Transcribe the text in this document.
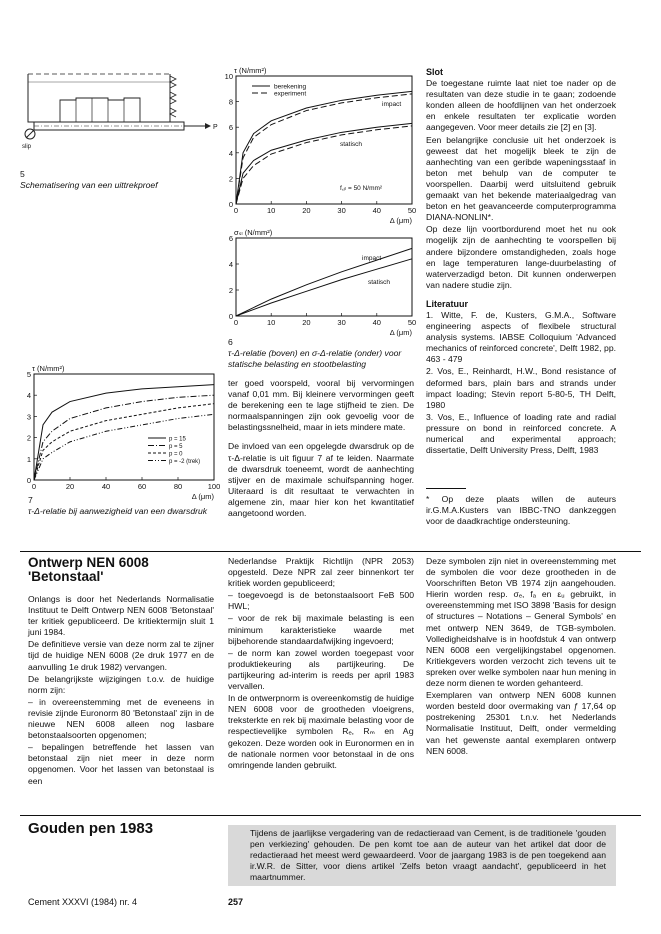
P
slip
5
Schematisering van een uittrekproef
0	10	20	30	40	50
0
2
4
6
8
10
Δ (μm)
τ (N/mm²)
berekening
experiment
impact
statisch
f꜀ᵢₗ = 50 N/mm²
0	10	20	30	40	50
0
2
4
6
Δ (μm)
σₛₗ (N/mm²)
impact
statisch
6
τ-Δ-relatie (boven) en σ-Δ-relatie (onder) voor statische belasting en stootbelasting
0	20	40	60	80	100
0
1
2
3
4
5
Δ (μm)
τ (N/mm²)
p = 15
p = 5
p = 0
p = -2 (trek)
7
τ-Δ-relatie bij aanwezigheid van een dwarsdruk

ter goed voorspeld, vooral bij vervormingen vanaf 0,01 mm. Bij kleinere vervormingen geeft de berekening een te lage stijfheid te zien. De normaalspanningen zijn ook gevoelig voor de belastingssnelheid, maar in iets mindere mate.

De invloed van een opgelegde dwarsdruk op de τ-Δ-relatie is uit figuur 7 af te leiden. Naarmate de dwarsdruk toeneemt, wordt de aanhechting stijver en de maximale schuifspanning hoger. Uiteraard is dit resultaat te verwachten in algemene zin, maar hier kon het kwantitatief aangetoond worden.

Slot

De toegestane ruimte laat niet toe nader op de resultaten van deze studie in te gaan; zodoende konden alleen de hoofdlijnen van het onderzoek en enkele resultaten ter explicatie worden aangegeven. Voor meer details zie [2] en [3].

Een belangrijke conclusie uit het onderzoek is geweest dat het mogelijk bleek te zijn de aanhechting van een geribde wapeningsstaaf in beton met behulp van de computer te voorspellen. Daarbij werd uitsluitend gebruik gemaakt van het bekende materiaalgedrag van beton en het geavanceerde computerprogramma DIANA-NONLIN*.

Op deze lijn voortbordurend moet het nu ook mogelijk zijn de aanhechting te voorspellen bij andere bijzondere omstandigheden, zoals hoge en lage temperaturen lange-duurbelasting of waterverzadigd beton. Dit kunnen onderwerpen van nadere studie zijn.

Literatuur

1. Witte, F. de, Kusters, G.M.A., Software engineering aspects of flexibele structural analysis systems. IABSE Colloquium 'Advanced mechanics of reinforced concrete', Delft 1982, pp. 463 - 479

2. Vos, E., Reinhardt, H.W., Bond resistance of deformed bars, plain bars and strands under impact loading; Stevin report 5-80-5, TH Delft, 1980

3. Vos, E., Influence of loading rate and radial pressure on bond in reinforced concrete. A numerical and experimental approach; dissertatie, Delft University Press, Delft, 1983

* Op deze plaats willen de auteurs ir.G.M.A.Kusters van IBBC-TNO dankzeggen voor de daadkrachtige ondersteuning.
Ontwerp NEN 6008
'Betonstaal'

Onlangs is door het Nederlands Normalisatie Instituut te Delft Ontwerp NEN 6008 'Betonstaal' ter kritiek gepubliceerd. De kritiektermijn sluit 1 juni 1984.

De definitieve versie van deze norm zal te zijner tijd de huidige NEN 6008 (2e druk 1977 en de aanvulling 1e druk 1982) vervangen.

De belangrijkste wijzigingen t.o.v. de huidige norm zijn:

– in overeenstemming met de eveneens in revisie zijnde Euronorm 80 'Betonstaal' zijn in de nieuwe NEN 6008 alleen nog lasbare betonstaalsoorten opgenomen;

– bepalingen betreffende het lassen van betonstaal zijn niet meer in deze norm opgenomen. Voor het lassen van betonstaal is een

Nederlandse Praktijk Richtlijn (NPR 2053) opgesteld. Deze NPR zal zeer binnenkort ter kritiek worden gepubliceerd;

– toegevoegd is de betonstaalsoort FeB 500 HWL;

– voor de rek bij maximale belasting is een minimum karakteristieke waarde met bijbehorende standaardafwijking ingevoerd;

– de norm kan zowel worden toegepast voor produktiekeuring als partijkeuring. De partijkeuring ad-interim is reeds per april 1983 vervallen.

In de ontwerpnorm is overeenkomstig de huidige NEN 6008 voor de grootheden vloeigrens, treksterkte en rek bij maximale belasting voor de respectievelijke symbolen Rₑ, Rₘ en A𝗀 gekozen. Deze worden ook in Euronormen en in de nationale normen voor betonstaal in de ons omringende landen gebruikt.

Deze symbolen zijn niet in overeenstemming met de symbolen die voor deze grootheden in de Voorschriften Beton VB 1974 zijn aangehouden. Hierin worden resp. σₑ, fₐ en εᵤ gebruikt, in overeenstemming met ISO 3898 'Basis for design of structures – Notations – General Symbols' en met ontwerp NEN 3649, de TGB-symbolen. Volledigheidshalve is in hoofdstuk 4 van ontwerp NEN 6008 een vergelijkingstabel opgenomen. Kritiekgevers worden verzocht zich tevens uit te spreken over welke symbolen naar hun mening in deze norm dienen te worden gehanteerd.

Exemplaren van ontwerp NEN 6008 kunnen worden besteld door overmaking van ƒ 17,64 op postrekening 25301 t.n.v. het Nederlands Normalisatie Instituut, Delft, onder vermelding van het gewenste aantal exemplaren ontwerp NEN 6008.

Gouden pen 1983	Tijdens de jaarlijkse vergadering van de redactieraad van Cement, is de traditionele 'gouden pen verkiezing' gehouden. De pen komt toe aan de auteur van het artikel dat door de redactieraad het meest werd gewaardeerd. Voor de jaargang 1983 is de pen toegekend aan ir.W.R. de Sitter, voor diens artikel 'Zelfs beton vraagt aandacht', gepubliceerd in het maartnummer.
Cement XXXVI (1984) nr. 4	257
